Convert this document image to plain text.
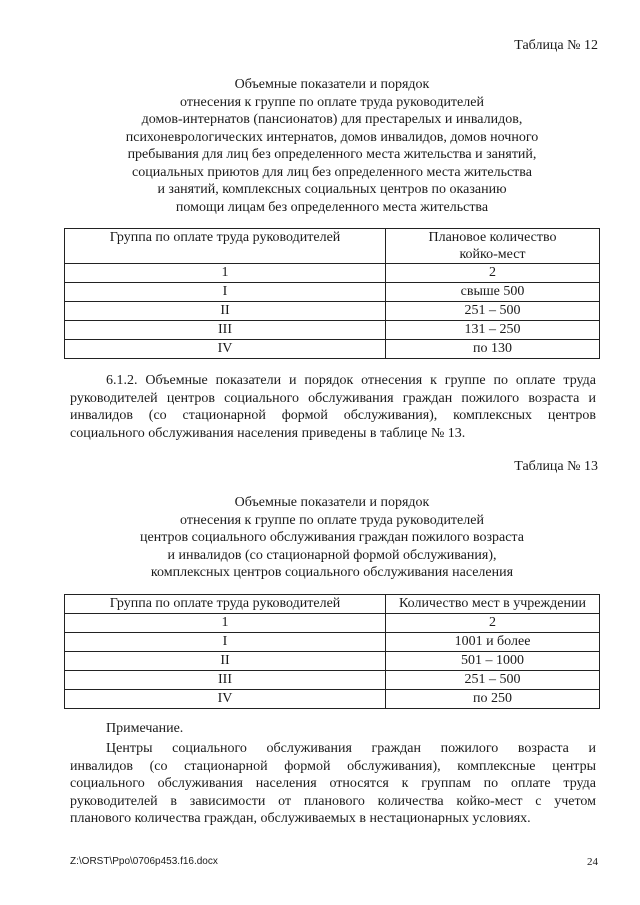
Таблица № 12
Объемные показатели и порядок
отнесения к группе по оплате труда руководителей
домов-интернатов (пансионатов) для престарелых и инвалидов,
психоневрологических интернатов, домов инвалидов, домов ночного
пребывания для лиц без определенного места жительства и занятий,
социальных приютов для лиц без определенного места жительства
и занятий, комплексных социальных центров по оказанию
помощи лицам без определенного места жительства
Группа по оплате труда руководителей	Плановое количество
койко-мест

1	2
I	свыше 500
II	251 – 500
III	131 – 250
IV	по 130
6.1.2. Объемные показатели и порядок отнесения к группе по оплате труда
руководителей центров социального обслуживания граждан пожилого возраста и
инвалидов (со стационарной формой обслуживания), комплексных центров
социального обслуживания населения приведены в таблице № 13.
Таблица № 13
Объемные показатели и порядок
отнесения к группе по оплате труда руководителей
центров социального обслуживания граждан пожилого возраста
и инвалидов (со стационарной формой обслуживания),
комплексных центров социального обслуживания населения
Группа по оплате труда руководителей	Количество мест в учреждении
1	2
I	1001 и более
II	501 – 1000
III	251 – 500
IV	по 250
Примечание.
Центры социального обслуживания граждан пожилого возраста и
инвалидов (со стационарной формой обслуживания), комплексные центры
социального обслуживания населения относятся к группам по оплате труда
руководителей в зависимости от планового количества койко-мест с учетом
планового количества граждан, обслуживаемых в нестационарных условиях.
Z:\ORST\Ppo\0706p453.f16.docx	24
